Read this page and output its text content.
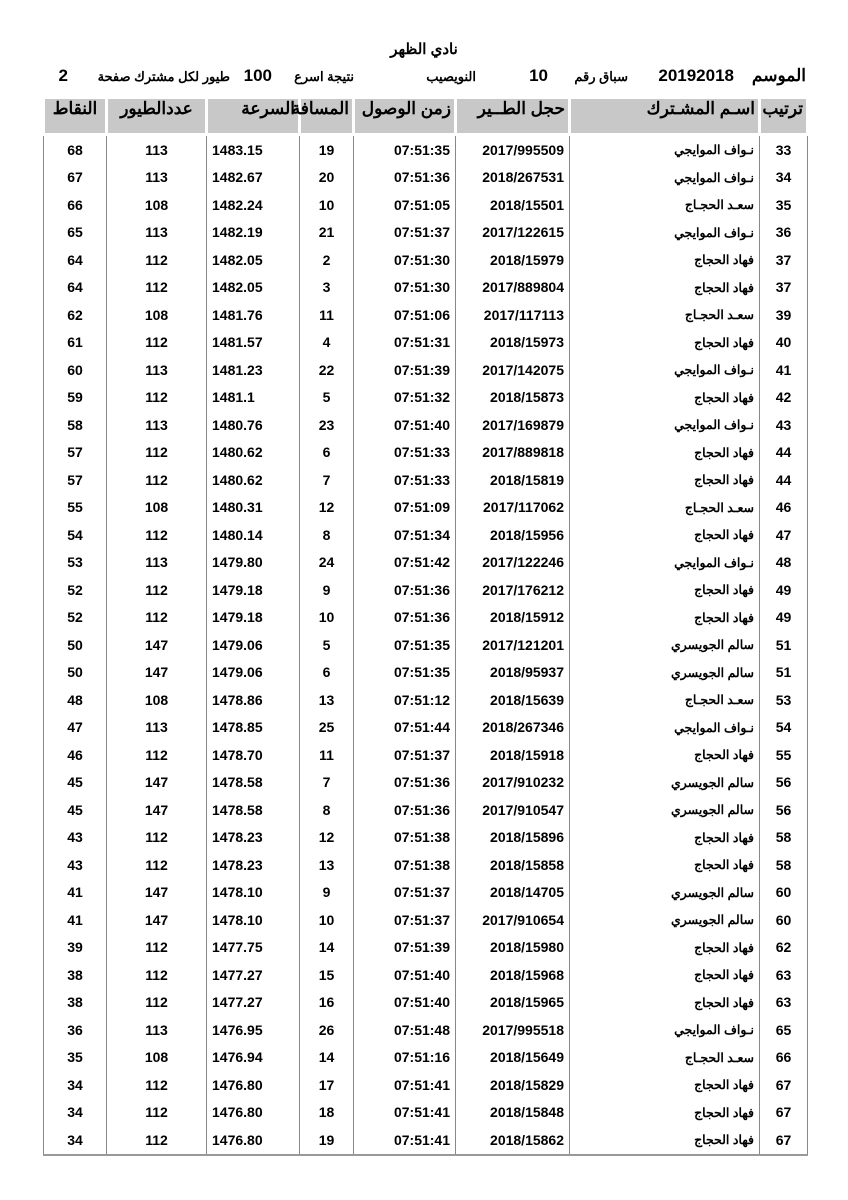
نادي الظهر
الموسم
20192018
سباق رقم
10
النويصيب
نتيجة اسرع
100
طيور لكل مشترك صفحة
2
ترتيب	اسـم المشـترك	حجل الطــير	زمن الوصول	المسافة	السرعة	عددالطيور	النقاط
33	نـواف الموايجي	2017/995509	07:51:35	19	1483.15	113	68
34	نـواف الموايجي	2018/267531	07:51:36	20	1482.67	113	67
35	سعـد الحجـاج	2018/15501	07:51:05	10	1482.24	108	66
36	نـواف الموايجي	2017/122615	07:51:37	21	1482.19	113	65
37	فهاد الحجاج	2018/15979	07:51:30	2	1482.05	112	64
37	فهاد الحجاج	2017/889804	07:51:30	3	1482.05	112	64
39	سعـد الحجـاج	2017/117113	07:51:06	11	1481.76	108	62
40	فهاد الحجاج	2018/15973	07:51:31	4	1481.57	112	61
41	نـواف الموايجي	2017/142075	07:51:39	22	1481.23	113	60
42	فهاد الحجاج	2018/15873	07:51:32	5	1481.1	112	59
43	نـواف الموايجي	2017/169879	07:51:40	23	1480.76	113	58
44	فهاد الحجاج	2017/889818	07:51:33	6	1480.62	112	57
44	فهاد الحجاج	2018/15819	07:51:33	7	1480.62	112	57
46	سعـد الحجـاج	2017/117062	07:51:09	12	1480.31	108	55
47	فهاد الحجاج	2018/15956	07:51:34	8	1480.14	112	54
48	نـواف الموايجي	2017/122246	07:51:42	24	1479.80	113	53
49	فهاد الحجاج	2017/176212	07:51:36	9	1479.18	112	52
49	فهاد الحجاج	2018/15912	07:51:36	10	1479.18	112	52
51	سالم الجويسري	2017/121201	07:51:35	5	1479.06	147	50
51	سالم الجويسري	2018/95937	07:51:35	6	1479.06	147	50
53	سعـد الحجـاج	2018/15639	07:51:12	13	1478.86	108	48
54	نـواف الموايجي	2018/267346	07:51:44	25	1478.85	113	47
55	فهاد الحجاج	2018/15918	07:51:37	11	1478.70	112	46
56	سالم الجويسري	2017/910232	07:51:36	7	1478.58	147	45
56	سالم الجويسري	2017/910547	07:51:36	8	1478.58	147	45
58	فهاد الحجاج	2018/15896	07:51:38	12	1478.23	112	43
58	فهاد الحجاج	2018/15858	07:51:38	13	1478.23	112	43
60	سالم الجويسري	2018/14705	07:51:37	9	1478.10	147	41
60	سالم الجويسري	2017/910654	07:51:37	10	1478.10	147	41
62	فهاد الحجاج	2018/15980	07:51:39	14	1477.75	112	39
63	فهاد الحجاج	2018/15968	07:51:40	15	1477.27	112	38
63	فهاد الحجاج	2018/15965	07:51:40	16	1477.27	112	38
65	نـواف الموايجي	2017/995518	07:51:48	26	1476.95	113	36
66	سعـد الحجـاج	2018/15649	07:51:16	14	1476.94	108	35
67	فهاد الحجاج	2018/15829	07:51:41	17	1476.80	112	34
67	فهاد الحجاج	2018/15848	07:51:41	18	1476.80	112	34
67	فهاد الحجاج	2018/15862	07:51:41	19	1476.80	112	34
